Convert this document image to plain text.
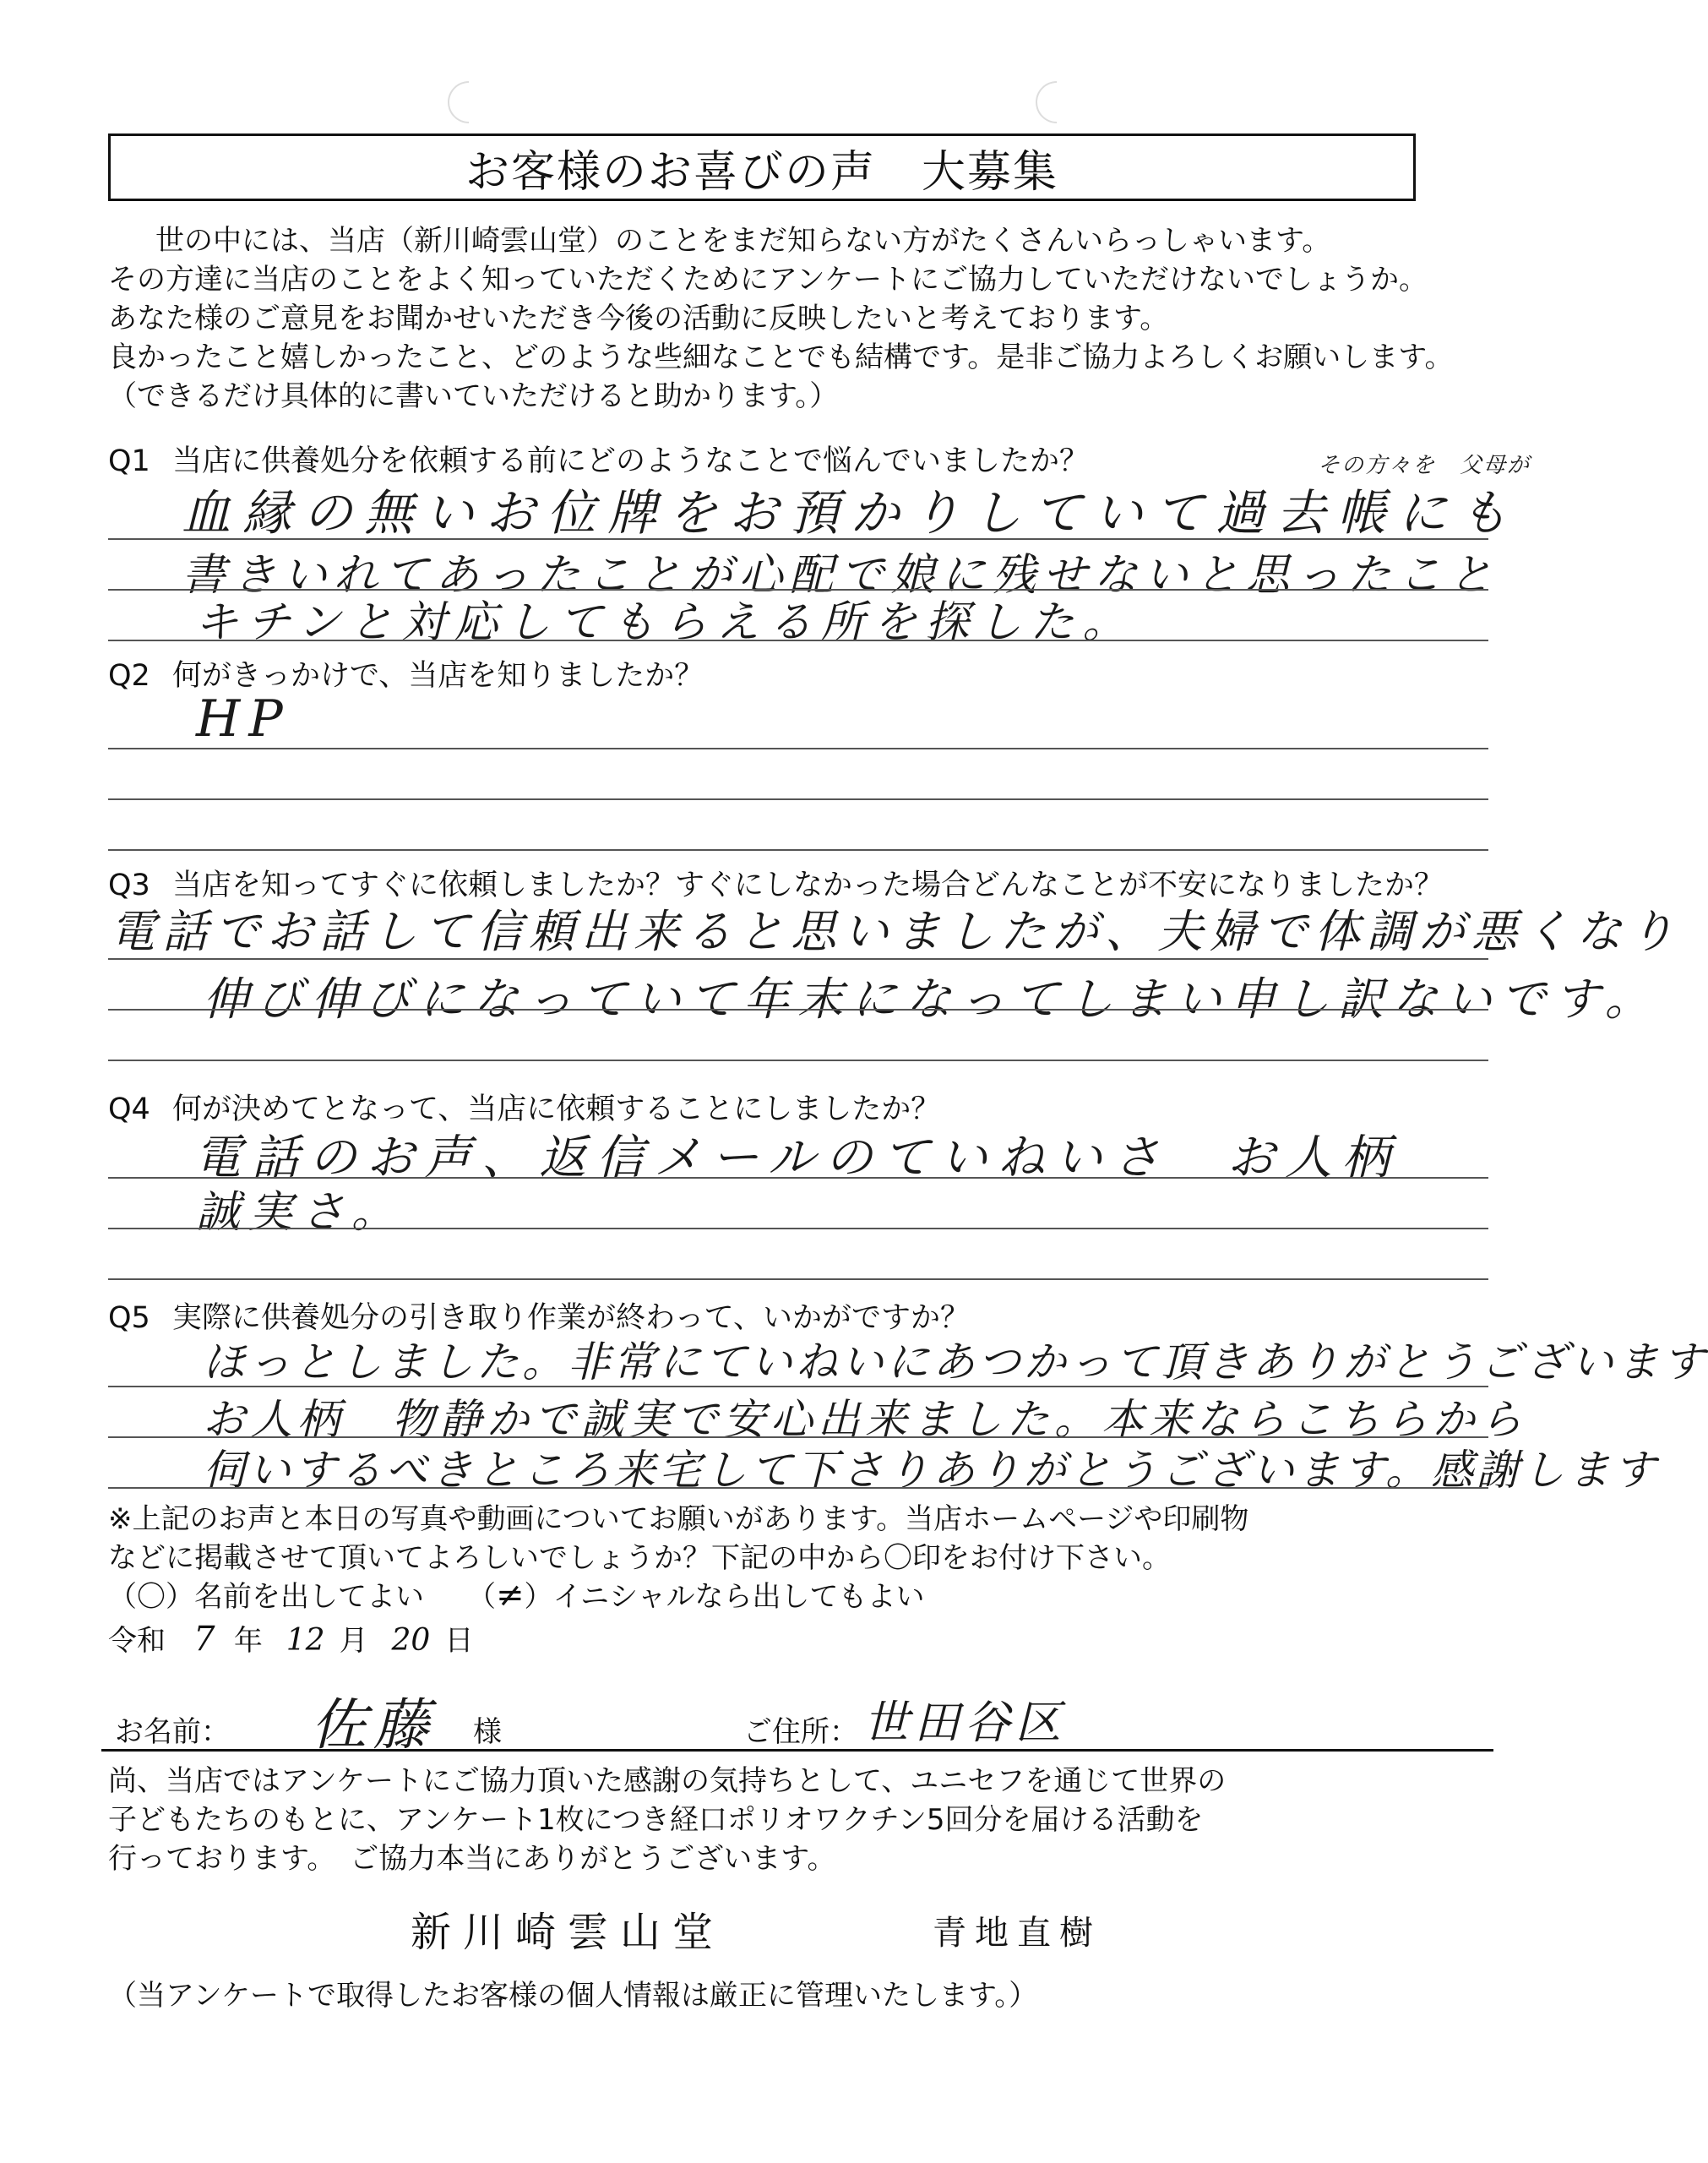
お客様のお喜びの声　大募集
世の中には、当店（新川崎雲山堂）のことをまだ知らない方がたくさんいらっしゃいます。
その方達に当店のことをよく知っていただくためにアンケートにご協力していただけないでしょうか。
あなた様のご意見をお聞かせいただき今後の活動に反映したいと考えております。
良かったこと嬉しかったこと、どのような些細なことでも結構です。是非ご協力よろしくお願いします。
（できるだけ具体的に書いていただけると助かります。）
Q1 当店に供養処分を依頼する前にどのようなことで悩んでいましたか？	その方々を　父母が
血縁の無いお位牌をお預かりしていて過去帳にも
書きいれてあったことが心配で娘に残せないと思ったこと
キチンと対応してもらえる所を探した。
Q2 何がきっかけで、当店を知りましたか？
HP
Q3 当店を知ってすぐに依頼しましたか？すぐにしなかった場合どんなことが不安になりましたか？
電話でお話して信頼出来ると思いましたが、夫婦で体調が悪くなり
伸び伸びになっていて年末になってしまい申し訳ないです。
Q4 何が決めてとなって、当店に依頼することにしましたか？
電話のお声、返信メールのていねいさ　お人柄
誠実さ。
Q5 実際に供養処分の引き取り作業が終わって、いかがですか？
ほっとしました。非常にていねいにあつかって頂きありがとうございます
お人柄　物静かで誠実で安心出来ました。本来ならこちらから
伺いするべきところ来宅して下さりありがとうございます。感謝します
※上記のお声と本日の写真や動画についてお願いがあります。当店ホームページや印刷物
などに掲載させて頂いてよろしいでしょうか？下記の中から〇印をお付け下さい。
（〇）名前を出してよい　　（≠）イニシャルなら出してもよい
令和 7 年 12 月 20 日
お名前： 佐藤 様	ご住所： 世田谷区
尚、当店ではアンケートにご協力頂いた感謝の気持ちとして、ユニセフを通じて世界の
子どもたちのもとに、アンケート1枚につき経口ポリオワクチン5回分を届ける活動を
行っております。　ご協力本当にありがとうございます。
新川崎雲山堂	青地直樹
（当アンケートで取得したお客様の個人情報は厳正に管理いたします。）
